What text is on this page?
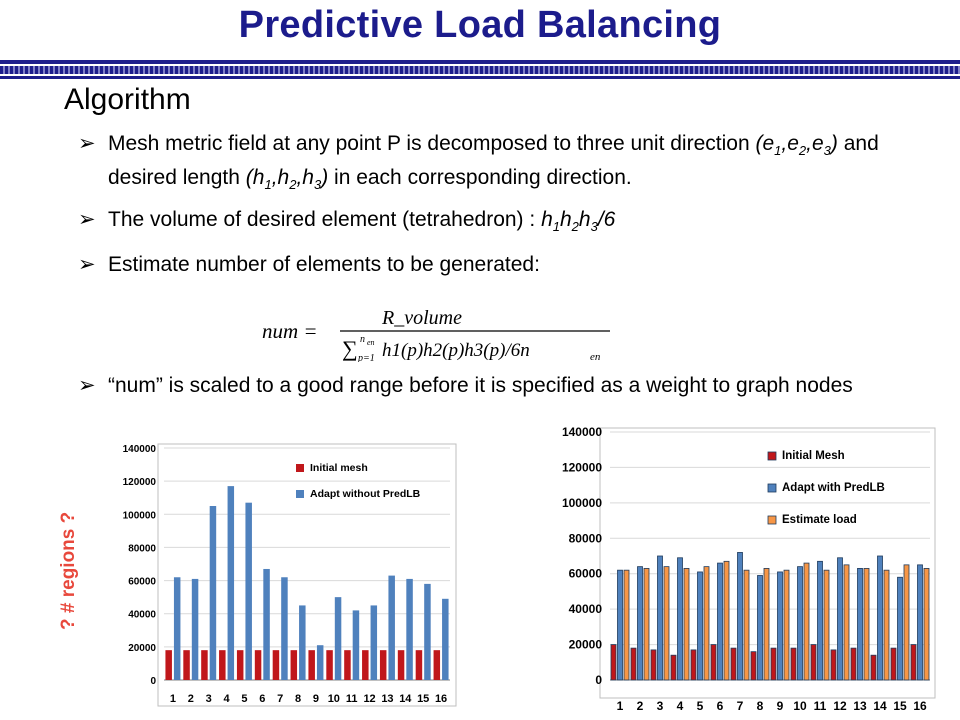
Predictive Load Balancing
Algorithm
➢ Mesh metric field at any point P is decomposed to three unit direction $(e_1,e_2,e_3)$ and desired length $(h_1,h_2,h_3)$ in each corresponding direction.
➢ The volume of desired element (tetrahedron) : $h_1h_2h_3/6$
➢ Estimate number of elements to be generated:
➢ “num” is scaled to a good range before it is specified as a weight to graph nodes
num =
R_volume
∑ n en
p=1 h1(p)h2(p)h3(p)/6n	en
? # regions ?
0
20000
40000
60000
80000
100000
120000
140000
1 2 3 4 5 6 7 8 9 10 11 12 13 14 15 16
Initial mesh
Adapt without PredLB
0
20000
40000
60000
80000
100000
120000
140000
1 2 3 4 5 6 7 8 9 10 11 12 13 14 15 16
Initial Mesh
Adapt with PredLB
Estimate load
